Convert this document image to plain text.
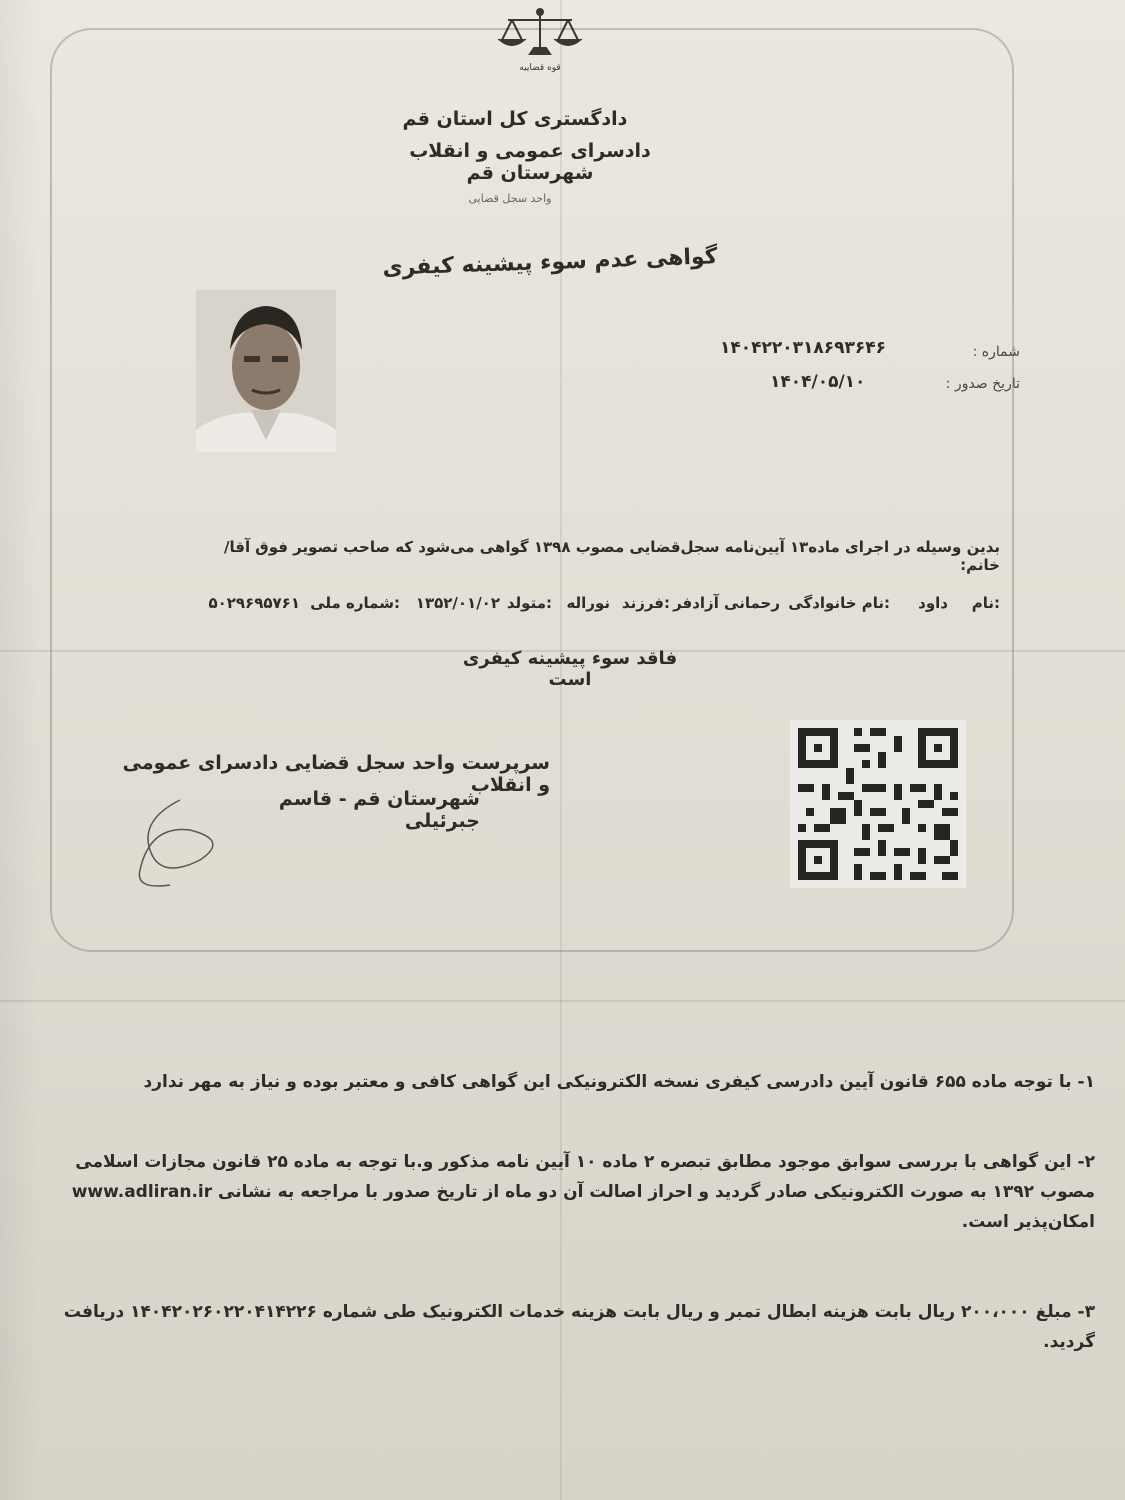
قوه قضاییه
دادگستری کل استان قم
دادسرای عمومی و انقلاب شهرستان قم
واحد سجل قضایی
گواهی عدم سوء پیشینه کیفری
شماره :
۱۴۰۴۲۲۰۳۱۸۶۹۳۶۴۶
تاریخ صدور :
۱۴۰۴/۰۵/۱۰
بدین وسیله در اجرای ماده۱۳ آیین‌نامه سجل‌قضایی مصوب ۱۳۹۸ گواهی می‌شود که صاحب تصویر فوق آقا/خانم:
نام:
داود
نام خانوادگی:
رحمانی آزادفر
فرزند:
نوراله
متولد:
۱۳۵۲/۰۱/۰۲
شماره ملی:
۵۰۲۹۶۹۵۷۶۱
فاقد سوء پیشینه کیفری است
سرپرست واحد سجل قضایی دادسرای عمومی و انقلاب
شهرستان قم - قاسم جبرئیلی
۱- با توجه ماده ۶۵۵ قانون آیین دادرسی کیفری نسخه الکترونیکی این گواهی کافی و معتبر بوده و نیاز به مهر ندارد
۲- این گواهی با بررسی سوابق موجود مطابق تبصره ۲ ماده ۱۰ آیین نامه مذکور و.با توجه به ماده ۲۵ قانون مجازات اسلامی مصوب ۱۳۹۲ به صورت الکترونیکی صادر گردید و احراز اصالت آن دو ماه از تاریخ صدور با مراجعه به نشانی www.adliran.ir امکان‌پذیر است.
۳- مبلغ ۲۰۰،۰۰۰ ریال بابت هزینه ابطال تمبر و ریال بابت هزینه خدمات الکترونیک طی شماره ۱۴۰۴۲۰۲۶۰۲۲۰۴۱۴۲۲۶ دریافت گردید.
